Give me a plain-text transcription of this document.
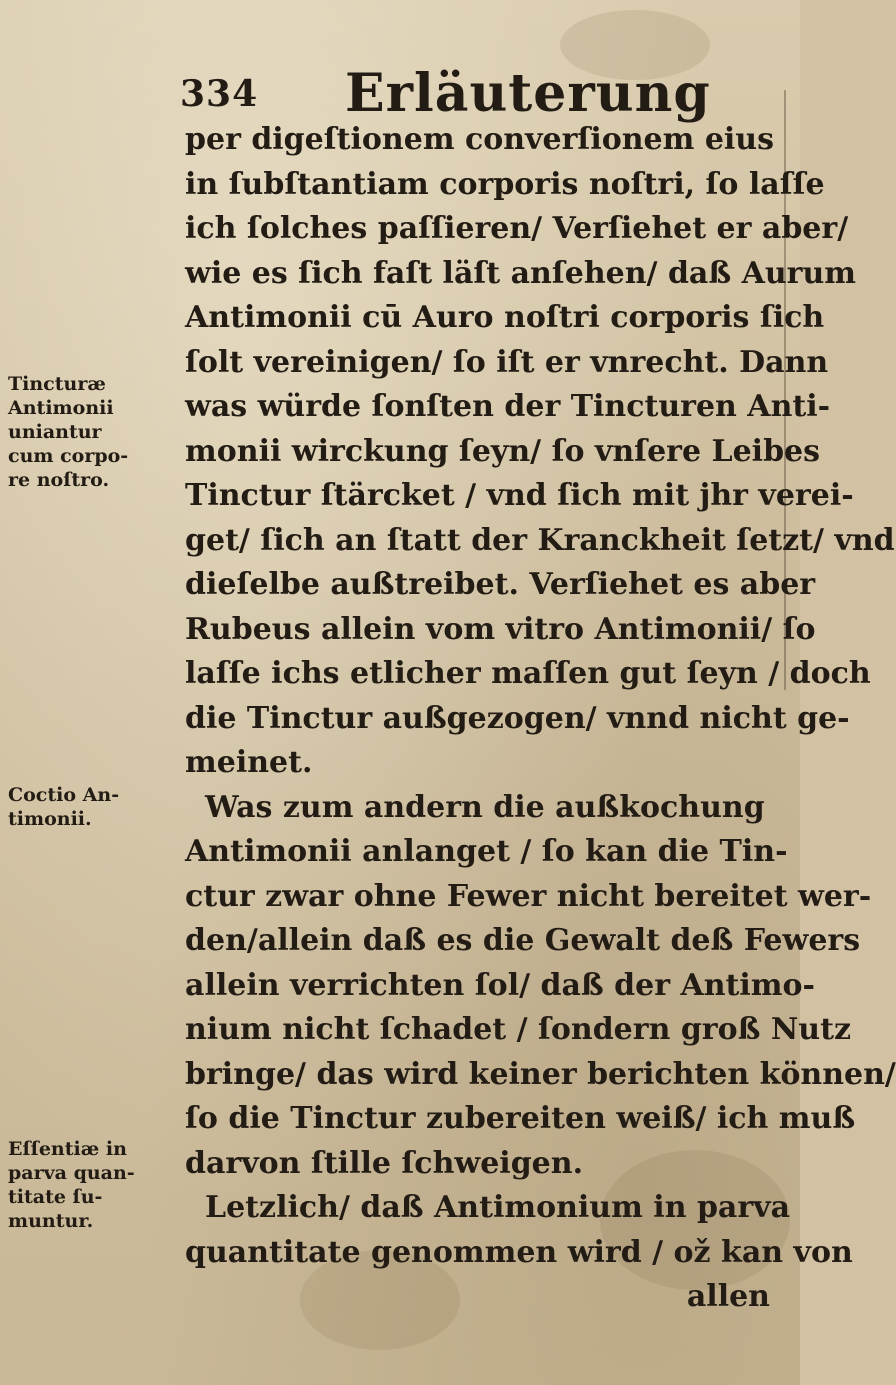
334 Erläuterung
per digeſtionem converſionem eius
in ſubſtantiam corporis noſtri, ſo laſſe
ich ſolches paſſieren/ Verſiehet er aber/
wie es ſich faſt läſt anſehen/ daß Aurum
Antimonii cū Auro noſtri corporis ſich
ſolt vereinigen/ ſo iſt er vnrecht. Dann
was würde ſonſten der Tincturen Anti-
monii wirckung ſeyn/ ſo vnſere Leibes
Tinctur ſtärcket / vnd ſich mit jhr verei-
get/ ſich an ſtatt der Kranckheit ſetzt/ vnd
dieſelbe außtreibet. Verſiehet es aber
Rubeus allein vom vitro Antimonii/ ſo
laſſe ichs etlicher maſſen gut ſeyn / doch
die Tinctur außgezogen/ vnnd nicht ge-
meinet.
Was zum andern die außkochung
Antimonii anlanget / ſo kan die Tin-
ctur zwar ohne Fewer nicht bereitet wer-
den/allein daß es die Gewalt deß Fewers
allein verrichten ſol/ daß der Antimo-
nium nicht ſchadet / ſondern groß Nutz
bringe/ das wird keiner berichten können/
ſo die Tinctur zubereiten weiß/ ich muß
darvon ſtille ſchweigen.
Letzlich/ daß Antimonium in parva
quantitate genommen wird / ož kan von
allen
Tincturæ
Antimonii
uniantur
cum corpo-
re noſtro.
Coctio An-
timonii.
Eſſentiæ in
parva quan-
titate ſu-
muntur.
